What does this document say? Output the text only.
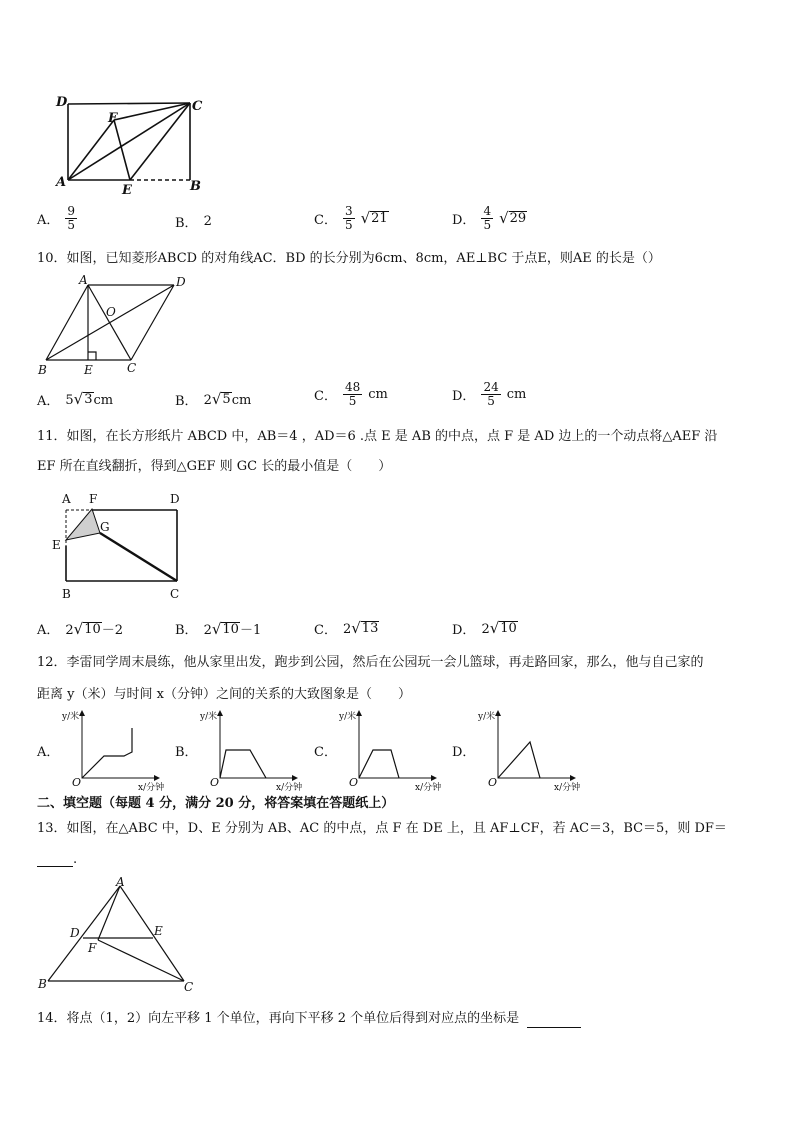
D	C
F
A
E	B
A． $\frac{9}{5}$	B． 2	C． $\frac{3}{5}$ √ 21	D． $\frac{4}{5}$ √ 29
10．如图，已知菱形ABCD 的对角线AC．BD 的长分别为6cm、8cm，AE⊥BC 于点E，则AE 的长是（）
A	D
O
B	E	C
A． 5 √ 3 cm	B． 2 √ 5 cm	C． $\frac{48}{5}$ cm	D． $\frac{24}{5}$ cm
11．如图，在长方形纸片 ABCD 中，AB＝4 ，AD＝6 .点 E 是 AB 的中点，点 F 是 AD 边上的一个动点将△AEF 沿
EF 所在直线翻折，得到△GEF 则 GC 长的最小值是（　　）
A F	D
G
E
B	C
A． 2 √ 10 －2	B． 2 √ 10 －1	C． 2 √ 13	D． 2 √ 10
12．李雷同学周末晨练，他从家里出发，跑步到公园，然后在公园玩一会儿篮球，再走路回家，那么，他与自己家的
距离 y（米）与时间 x（分钟）之间的关系的大致图象是（　　）
A．	B．	C．	D．
y/米
x/分钟
O
y/米
x/分钟
O
y/米
x/分钟
O
y/米
x/分钟
O
二、填空题（每题 4 分，满分 20 分，将答案填在答题纸上）
13．如图，在△ABC 中，D、E 分别为 AB、AC 的中点，点 F 在 DE 上，且 AF⊥CF，若 AC＝3，BC＝5，则 DF＝
.
A
D	E
F
B	C
14．将点（1，2）向左平移 1 个单位，再向下平移 2 个单位后得到对应点的坐标是
